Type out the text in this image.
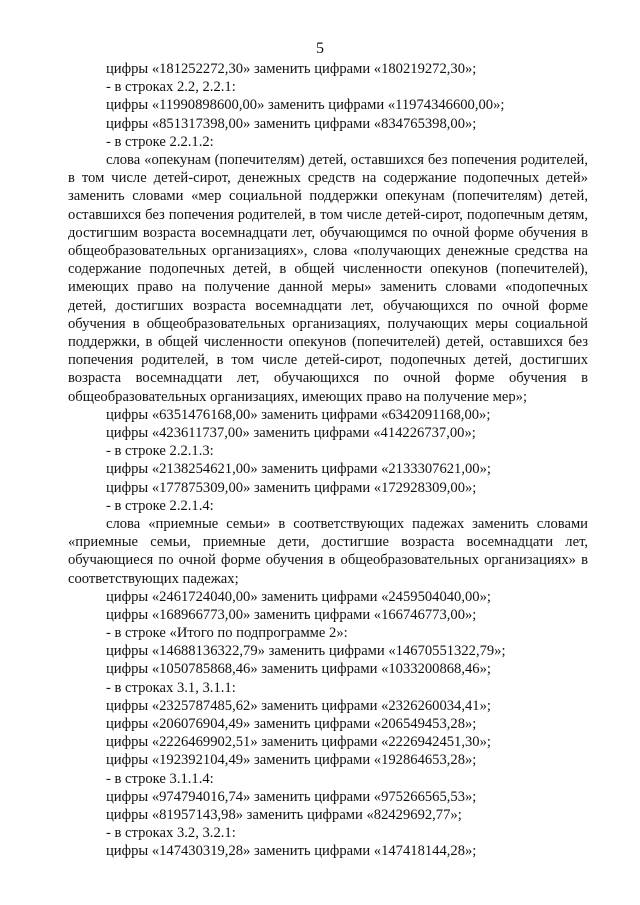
5
цифры «181252272,30» заменить цифрами «180219272,30»;
- в строках 2.2, 2.2.1:
цифры «11990898600,00» заменить цифрами «11974346600,00»;
цифры «851317398,00» заменить цифрами «834765398,00»;
- в строке 2.2.1.2:
слова «опекунам (попечителям) детей, оставшихся без попечения родителей, в том числе детей-сирот, денежных средств на содержание подопечных детей» заменить словами «мер социальной поддержки опекунам (попечителям) детей, оставшихся без попечения родителей, в том числе детей-сирот, подопечным детям, достигшим возраста восемнадцати лет, обучающимся по очной форме обучения в общеобразовательных организациях», слова «получающих денежные средства на содержание подопечных детей, в общей численности опекунов (попечителей), имеющих право на получение данной меры» заменить словами «подопечных детей, достигших возраста восемнадцати лет, обучающихся по очной форме обучения в общеобразовательных организациях, получающих меры социальной поддержки, в общей численности опекунов (попечителей) детей, оставшихся без попечения родителей, в том числе детей-сирот, подопечных детей, достигших возраста восемнадцати лет, обучающихся по очной форме обучения в общеобразовательных организациях, имеющих право на получение мер»;
цифры «6351476168,00» заменить цифрами «6342091168,00»;
цифры «423611737,00» заменить цифрами «414226737,00»;
- в строке 2.2.1.3:
цифры «2138254621,00» заменить цифрами «2133307621,00»;
цифры «177875309,00» заменить цифрами «172928309,00»;
- в строке 2.2.1.4:
слова «приемные семьи» в соответствующих падежах заменить словами «приемные семьи, приемные дети, достигшие возраста восемнадцати лет, обучающиеся по очной форме обучения в общеобразовательных организациях» в соответствующих падежах;
цифры «2461724040,00» заменить цифрами «2459504040,00»;
цифры «168966773,00» заменить цифрами «166746773,00»;
- в строке «Итого по подпрограмме 2»:
цифры «14688136322,79» заменить цифрами «14670551322,79»;
цифры «1050785868,46» заменить цифрами «1033200868,46»;
- в строках 3.1, 3.1.1:
цифры «2325787485,62» заменить цифрами «2326260034,41»;
цифры «206076904,49» заменить цифрами «206549453,28»;
цифры «2226469902,51» заменить цифрами «2226942451,30»;
цифры «192392104,49» заменить цифрами «192864653,28»;
- в строке 3.1.1.4:
цифры «974794016,74» заменить цифрами «975266565,53»;
цифры «81957143,98» заменить цифрами «82429692,77»;
- в строках 3.2, 3.2.1:
цифры «147430319,28» заменить цифрами «147418144,28»;
